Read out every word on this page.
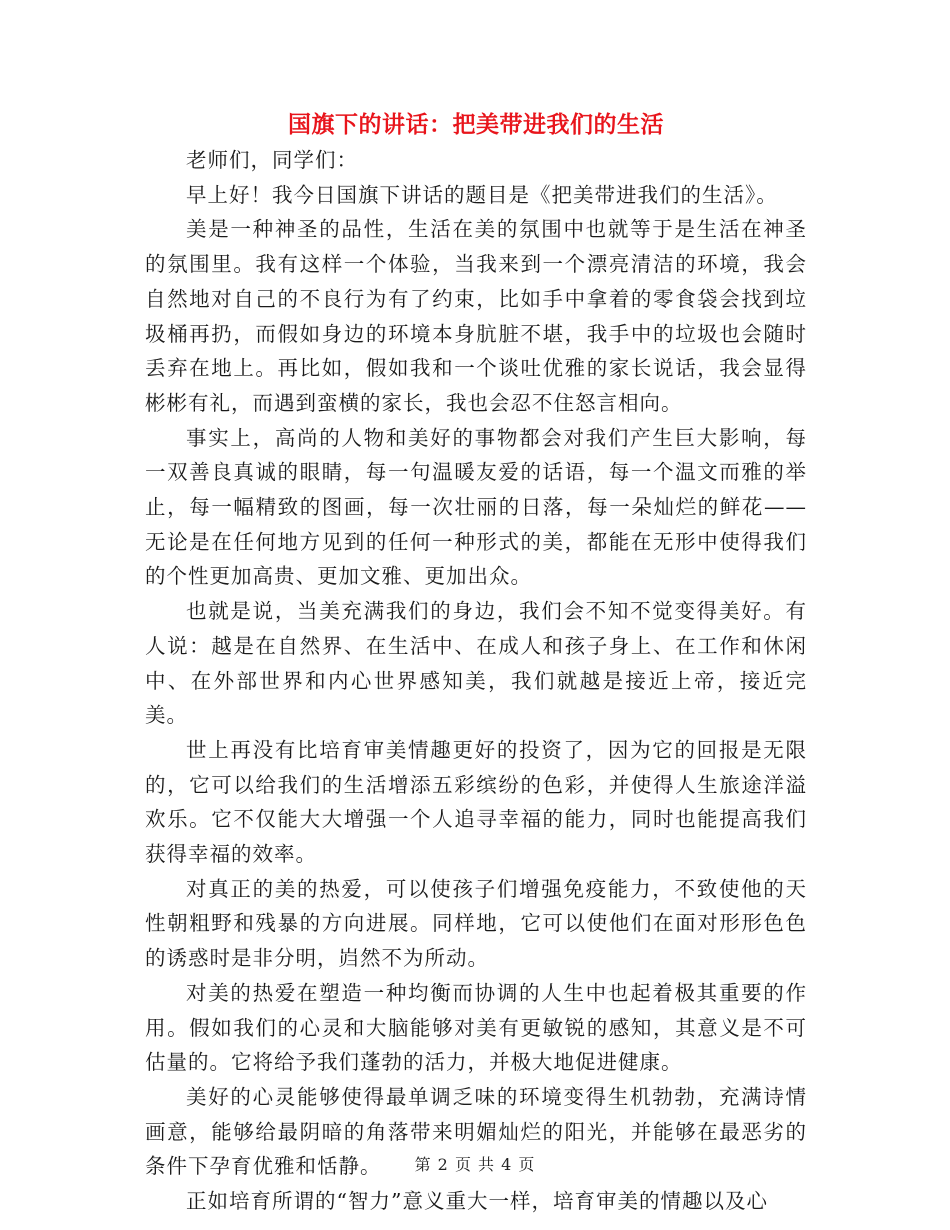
国旗下的讲话：把美带进我们的生活

老师们，同学们：

早上好！我今日国旗下讲话的题目是《把美带进我们的生活》。

美是一种神圣的品性，生活在美的氛围中也就等于是生活在神圣的氛围里。我有这样一个体验，当我来到一个漂亮清洁的环境，我会自然地对自己的不良行为有了约束，比如手中拿着的零食袋会找到垃圾桶再扔，而假如身边的环境本身肮脏不堪，我手中的垃圾也会随时丢弃在地上。再比如，假如我和一个谈吐优雅的家长说话，我会显得彬彬有礼，而遇到蛮横的家长，我也会忍不住怒言相向。

事实上，高尚的人物和美好的事物都会对我们产生巨大影响，每一双善良真诚的眼睛，每一句温暖友爱的话语，每一个温文而雅的举止，每一幅精致的图画，每一次壮丽的日落，每一朵灿烂的鲜花——无论是在任何地方见到的任何一种形式的美，都能在无形中使得我们的个性更加高贵、更加文雅、更加出众。

也就是说，当美充满我们的身边，我们会不知不觉变得美好。有人说：越是在自然界、在生活中、在成人和孩子身上、在工作和休闲中、在外部世界和内心世界感知美，我们就越是接近上帝，接近完美。

世上再没有比培育审美情趣更好的投资了，因为它的回报是无限的，它可以给我们的生活增添五彩缤纷的色彩，并使得人生旅途洋溢欢乐。它不仅能大大增强一个人追寻幸福的能力，同时也能提高我们获得幸福的效率。

对真正的美的热爱，可以使孩子们增强免疫能力，不致使他的天性朝粗野和残暴的方向进展。同样地，它可以使他们在面对形形色色的诱惑时是非分明，岿然不为所动。

对美的热爱在塑造一种均衡而协调的人生中也起着极其重要的作用。假如我们的心灵和大脑能够对美有更敏锐的感知，其意义是不可估量的。它将给予我们蓬勃的活力，并极大地促进健康。

美好的心灵能够使得最单调乏味的环境变得生机勃勃，充满诗情画意，能够给最阴暗的角落带来明媚灿烂的阳光，并能够在最恶劣的条件下孕育优雅和恬静。

正如培育所谓的“智力”意义重大一样，培育审美的情趣以及心

第 2 页 共 4 页
